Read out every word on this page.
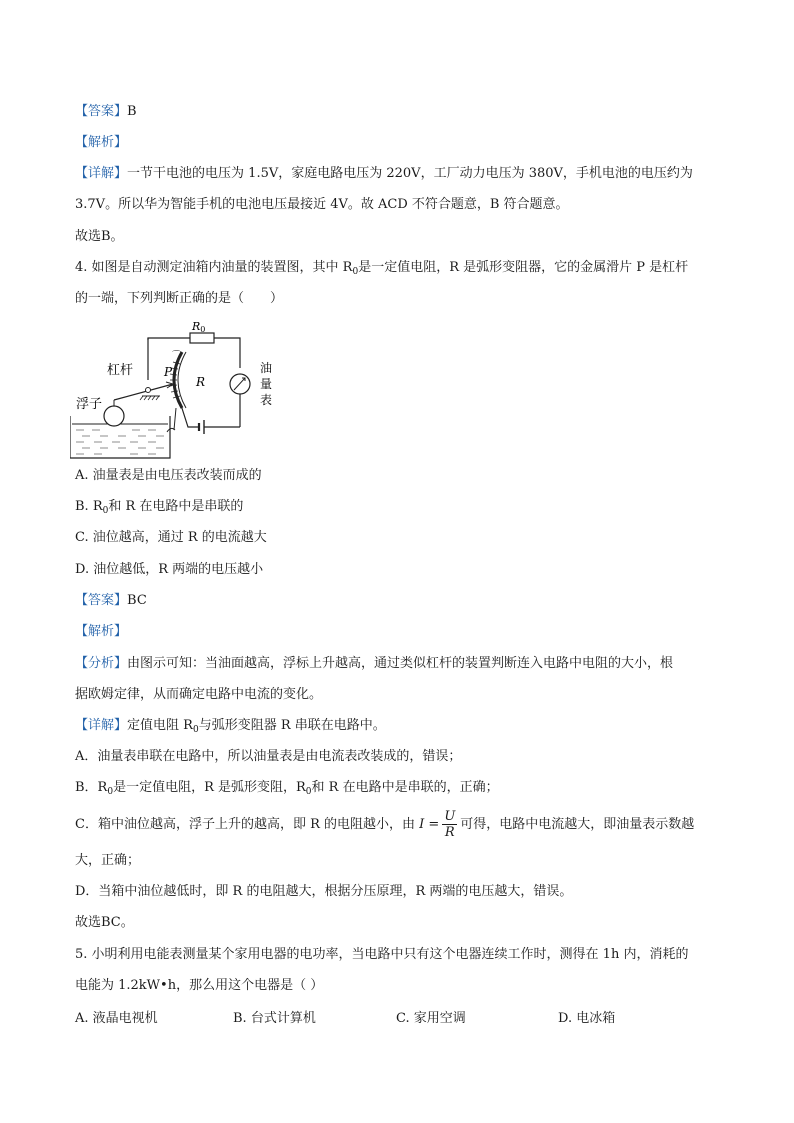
【答案】B
【解析】
【详解】一节干电池的电压为 1.5V，家庭电路电压为 220V，工厂动力电压为 380V，手机电池的电压约为
3.7V。所以华为智能手机的电池电压最接近 4V。故 ACD 不符合题意，B 符合题意。
故选B。
4. 如图是自动测定油箱内油量的装置图，其中 $R_0$是一定值电阻，R 是弧形变阻器，它的金属滑片 P 是杠杆
的一端，下列判断正确的是（　　）
R0
⌒
杠杆	P
R
油
量
表
浮子
A. 油量表是由电压表改装而成的
B. $R_0$和 R 在电路中是串联的
C. 油位越高，通过 R 的电流越大
D. 油位越低，R 两端的电压越小
【答案】BC
【解析】
【分析】由图示可知：当油面越高，浮标上升越高，通过类似杠杆的装置判断连入电路中电阻的大小，根
据欧姆定律，从而确定电路中电流的变化。
【详解】定值电阻 $R_0$与弧形变阻器 R 串联在电路中。
A．油量表串联在电路中，所以油量表是由电流表改装成的，错误；
B．$R_0$是一定值电阻，R 是弧形变阻，$R_0$和 R 在电路中是串联的，正确；
C．箱中油位越高，浮子上升的越高，即 R 的电阻越小，由 $I = \frac{U}{R}$ 可得，电路中电流越大，即油量表示数越
大，正确；
D．当箱中油位越低时，即 R 的电阻越大，根据分压原理，R 两端的电压越大，错误。
故选BC。
5. 小明利用电能表测量某个家用电器的电功率，当电路中只有这个电器连续工作时，测得在 1h 内，消耗的
电能为 1.2kW•h，那么用这个电器是（ ）
A. 液晶电视机	B. 台式计算机	C. 家用空调	D. 电冰箱
